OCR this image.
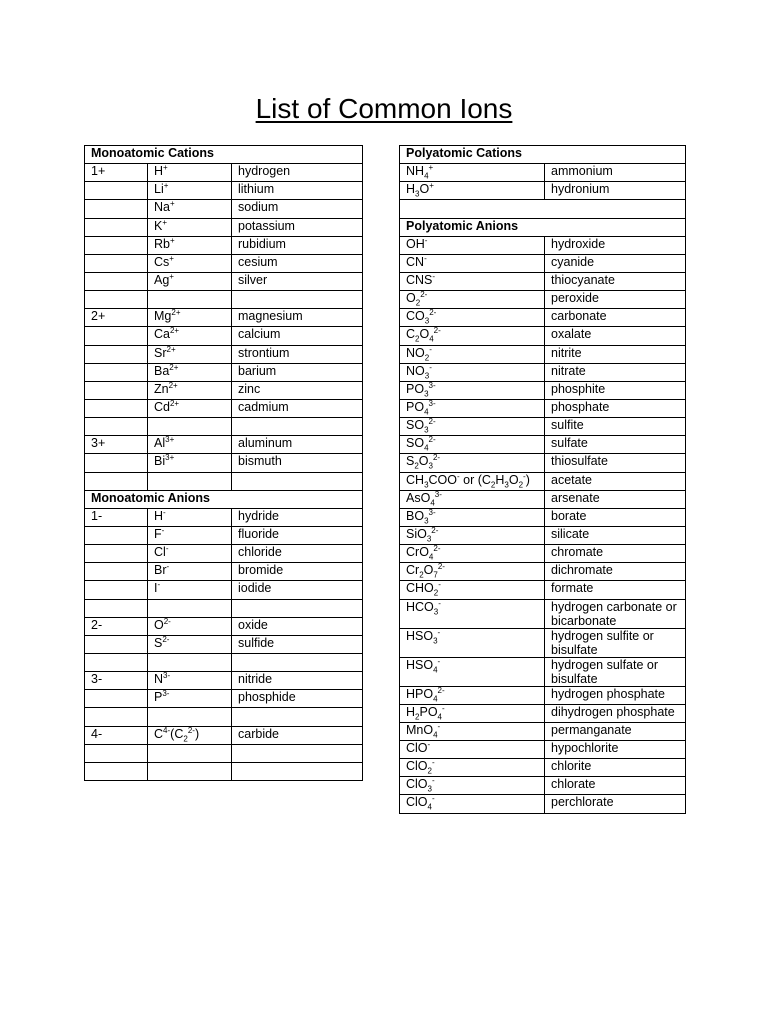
List of Common Ions
Monoatomic Cations		
1+	H+	hydrogen
	Li+	lithium
	Na+	sodium
	K+	potassium
	Rb+	rubidium
	Cs+	cesium
	Ag+	silver

2+	$Mg^{2+}$	magnesium
	$Ca^{2+}$	calcium
	$Sr^{2+}$	strontium
	$Ba^{2+}$	barium
	$Zn^{2+}$	zinc
	$Cd^{2+}$	cadmium

3+	$Al^{3+}$	aluminum
	$Bi^{3+}$	bismuth

Monoatomic Anions		
1-	H-	hydride
	F-	fluoride
	Cl-	chloride
	Br-	bromide
	I-	iodide

2-	$O^{2-}$	oxide
	$S^{2-}$	sulfide

3-	$N^{3-}$	nitride
	$P^{3-}$	phosphide

4-	$C^{4-}(C_2^{2-})$	carbide

Polyatomic Cations	
$NH_4^+$	ammonium
$H_3O^+$	hydronium

Polyatomic Anions	
OH-	hydroxide
CN-	cyanide
CNS-	thiocyanate
$O_2^{2-}$	peroxide
$CO_3^{2-}$	carbonate
$C_2O_4^{2-}$	oxalate
$NO_2^-$	nitrite
$NO_3^-$	nitrate
$PO_3^{3-}$	phosphite
$PO_4^{3-}$	phosphate
$SO_3^{2-}$	sulfite
$SO_4^{2-}$	sulfate
$S_2O_3^{2-}$	thiosulfate
$CH_3COO^-$ or $(C_2H_3O_2^-)$	acetate
AsO$_4^{3-}$	arsenate
$BO_3^{3-}$	borate
SiO$_3^{2-}$	silicate
CrO$_4^{2-}$	chromate
$Cr_2O_7^{2-}$	dichromate
$CHO_2^-$	formate
$HCO_3^-$	hydrogen carbonate or bicarbonate
$HSO_3^-$	hydrogen sulfite or bisulfate
$HSO_4^-$	hydrogen sulfate or bisulfate
$HPO_4^{2-}$	hydrogen phosphate
$H_2PO_4^-$	dihydrogen phosphate
MnO$_4$-	permanganate
ClO-	hypochlorite
ClO$_2$-	chlorite
ClO$_3$-	chlorate
ClO$_4$-	perchlorate
